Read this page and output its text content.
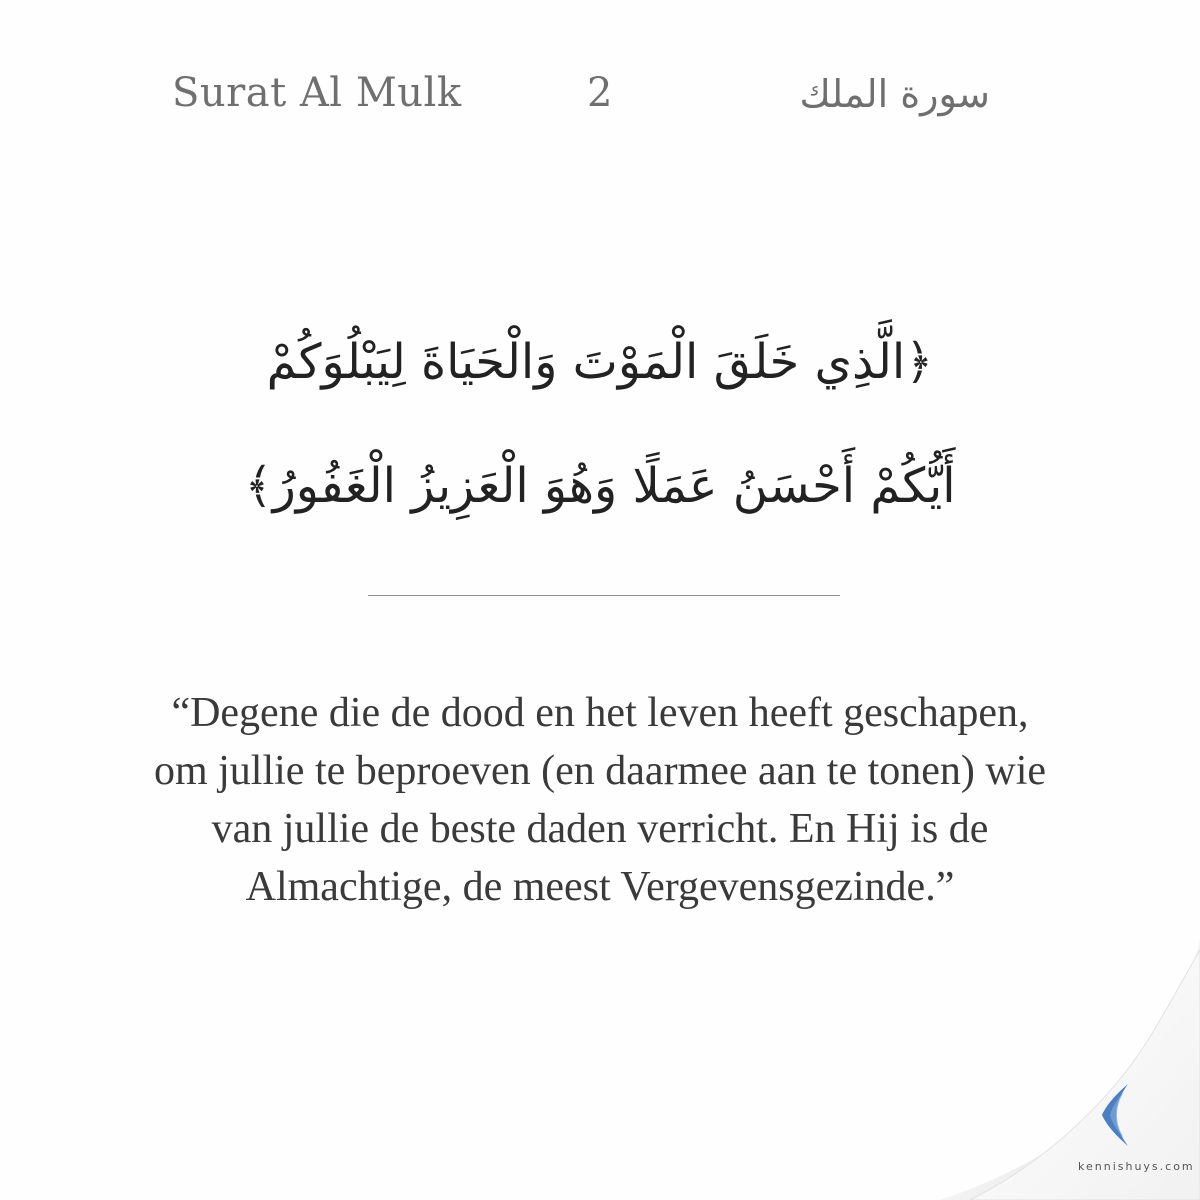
Surat Al Mulk	2	سورة الملك
﴿الَّذِي خَلَقَ الْمَوْتَ وَالْحَيَاةَ لِيَبْلُوَكُمْ
أَيُّكُمْ أَحْسَنُ عَمَلًا وَهُوَ الْعَزِيزُ الْغَفُورُ﴾
“Degene die de dood en het leven heeft geschapen,
om jullie te beproeven (en daarmee aan te tonen) wie
van jullie de beste daden verricht. En Hij is de
Almachtige, de meest Vergevensgezinde.”
kennishuys.com
